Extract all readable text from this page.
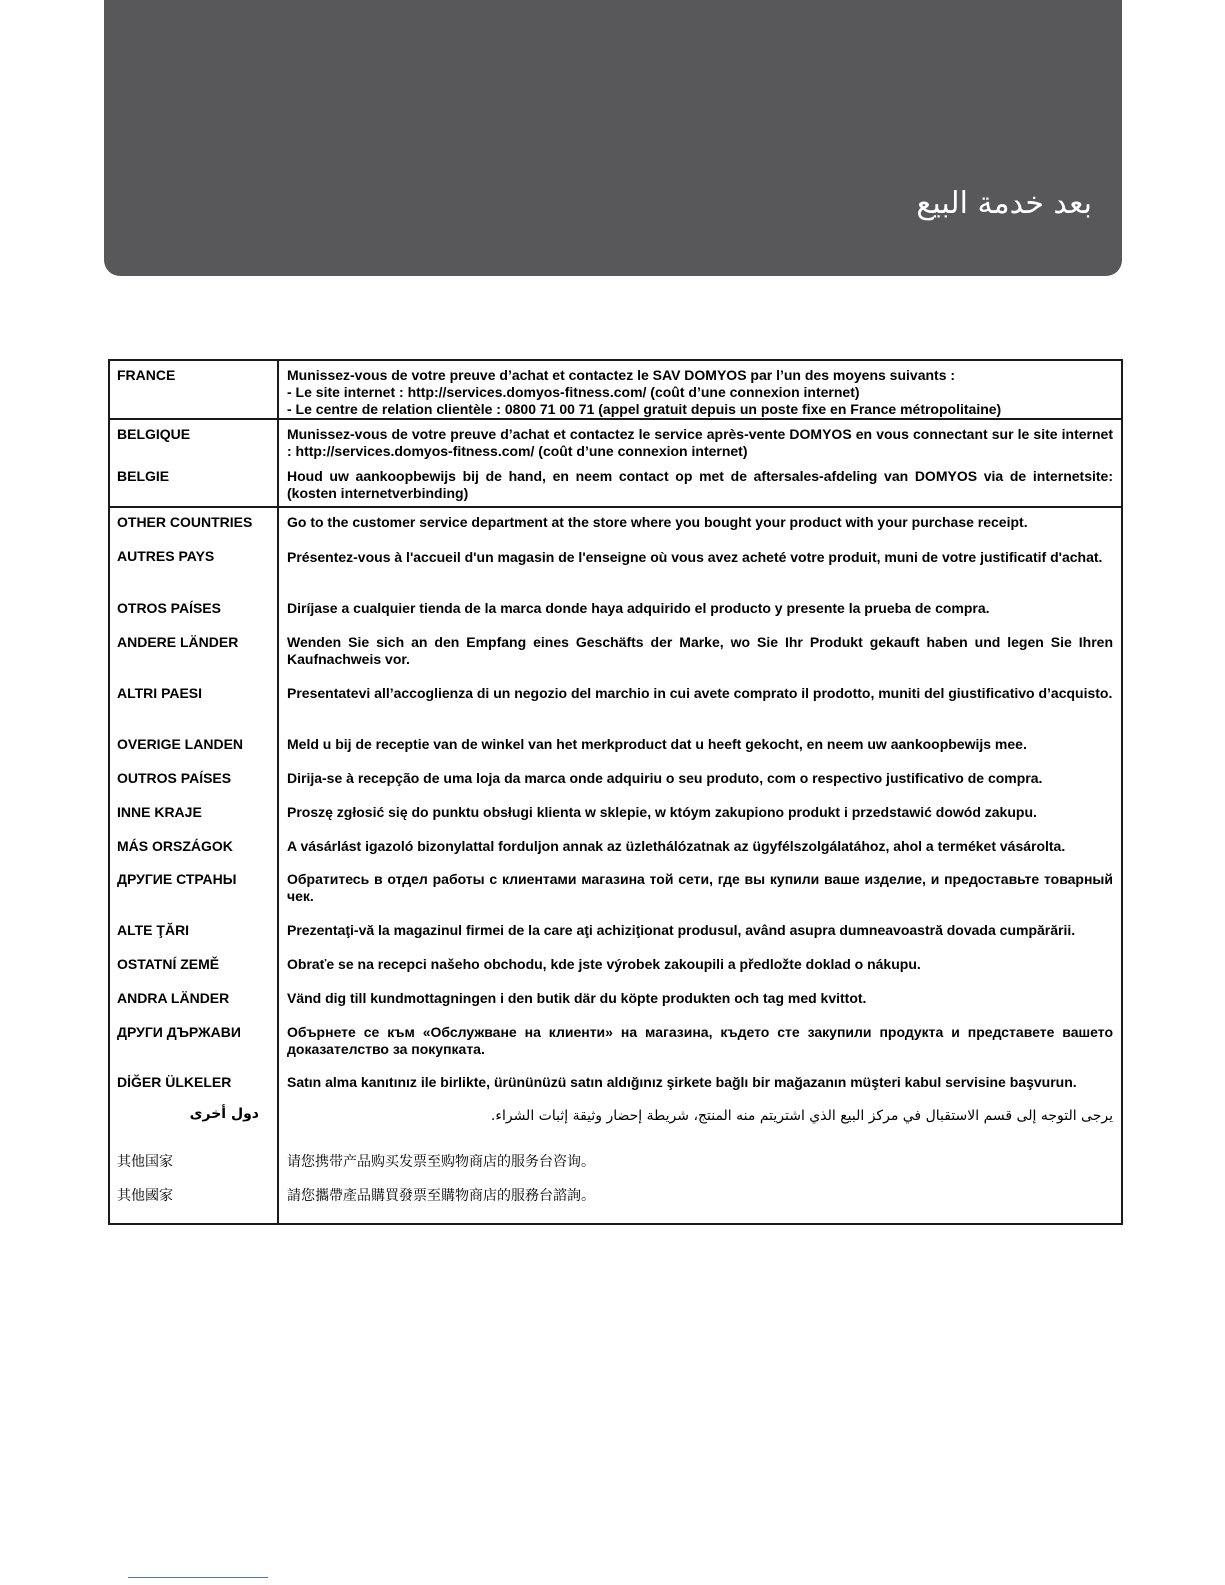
بعد خدمة البيع
FRANCE	Munissez-vous de votre preuve d’achat et contactez le SAV DOMYOS par l’un des moyens suivants :
- Le site internet : http://services.domyos-fitness.com/ (coût d’une connexion internet)
- Le centre de relation clientèle : 0800 71 00 71 (appel gratuit depuis un poste fixe en France métropolitaine)
BELGIQUE
BELGIE
Munissez-vous de votre preuve d’achat et contactez le service après-vente DOMYOS en vous connectant sur le site internet : http://services.domyos-fitness.com/ (coût d’une connexion internet)
Houd uw aankoopbewijs bij de hand, en neem contact op met de aftersales-afdeling van DOMYOS via de internetsite: (kosten internetverbinding)
OTHER COUNTRIES
AUTRES PAYS
OTROS PAÍSES
ANDERE LÄNDER
ALTRI PAESI
OVERIGE LANDEN
OUTROS PAÍSES
INNE KRAJE
MÁS ORSZÁGOK
ДРУГИЕ СТРАНЫ
ALTE ŢĂRI
OSTATNÍ ZEMĚ
ANDRA LÄNDER
ДРУГИ ДЪРЖАВИ
DİĞER ÜLKELER
دول أخرى
其他国家
其他國家
Go to the customer service department at the store where you bought your product with your purchase receipt.
Présentez-vous à l'accueil d'un magasin de l'enseigne où vous avez acheté votre produit, muni de votre justificatif d'achat.
Diríjase a cualquier tienda de la marca donde haya adquirido el producto y presente la prueba de compra.
Wenden Sie sich an den Empfang eines Geschäfts der Marke, wo Sie Ihr Produkt gekauft haben und legen Sie Ihren Kaufnachweis vor.
Presentatevi all’accoglienza di un negozio del marchio in cui avete comprato il prodotto, muniti del giustificativo d’acquisto.
Meld u bij de receptie van de winkel van het merkproduct dat u heeft gekocht, en neem uw aankoopbewijs mee.
Dirija-se à recepção de uma loja da marca onde adquiriu o seu produto, com o respectivo justificativo de compra.
Proszę zgłosić się do punktu obsługi klienta w sklepie, w któym zakupiono produkt i przedstawić dowód zakupu.
A vásárlást igazoló bizonylattal forduljon annak az üzlethálózatnak az ügyfélszolgálatához, ahol a terméket vásárolta.
Обратитесь в отдел работы с клиентами магазина той сети, где вы купили ваше изделие, и предоставьте товарный чек.
Prezentaţi-vă la magazinul firmei de la care aţi achiziţionat produsul, având asupra dumneavoastră dovada cumpărării.
Obraťe se na recepci našeho obchodu, kde jste výrobek zakoupili a předložte doklad o nákupu.
Vänd dig till kundmottagningen i den butik där du köpte produkten och tag med kvittot.
Обърнете се към «Обслужване на клиенти» на магазина, където сте закупили продукта и представете вашето доказателство за покупката.
Satın alma kanıtınız ile birlikte, ürününüzü satın aldığınız şirkete bağlı bir mağazanın müşteri kabul servisine başvurun.
يرجى التوجه إلى قسم الاستقبال في مركز البيع الذي اشتريتم منه المنتج، شريطة إحضار وثيقة إثبات الشراء.
请您携带产品购买发票至购物商店的服务台咨询。
請您攜帶產品購買發票至購物商店的服務台諮詢。
